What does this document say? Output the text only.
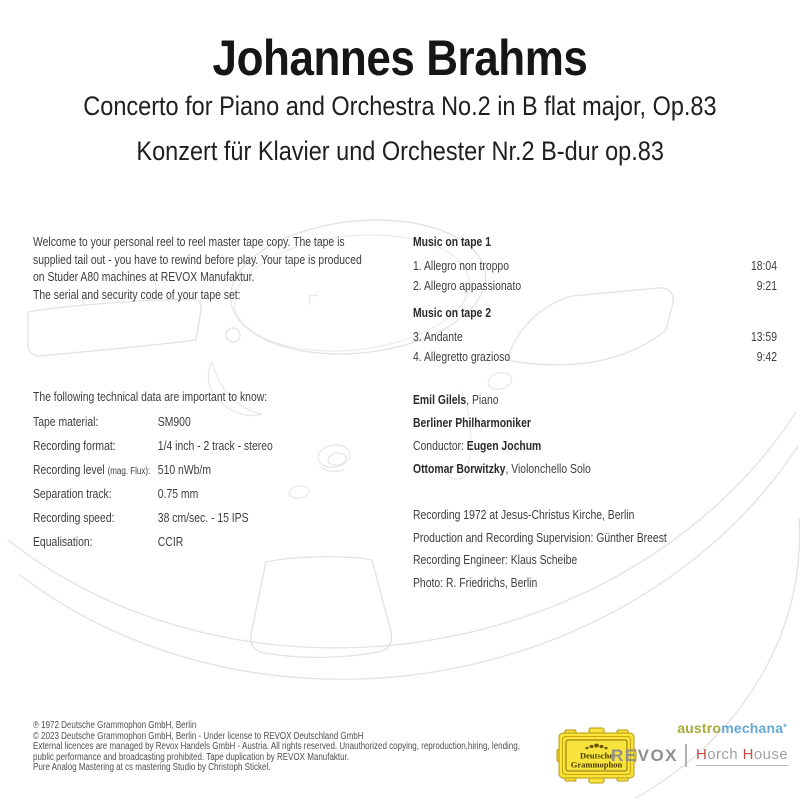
Johannes Brahms
Concerto for Piano and Orchestra No.2 in B flat major, Op.83
Konzert für Klavier und Orchester Nr.2 B-dur op.83
Welcome to your personal reel to reel master tape copy. The tape is
supplied tail out - you have to rewind before play. Your tape is produced
on Studer A80 machines at REVOX Manufaktur.
The serial and security code of your tape set:
Music on tape 1
1. Allegro non troppo	18:04
2. Allegro appassionato	9:21
Music on tape 2
3. Andante	13:59
4. Allegretto grazioso	9:42
The following technical data are important to know:
Tape material:	SM900
Recording format:	1/4 inch - 2 track - stereo
Recording level (mag. Flux): 510 nWb/m
Separation track:	0.75 mm
Recording speed:	38 cm/sec. - 15 IPS
Equalisation:	CCIR
Emil Gilels, Piano
Berliner Philharmoniker
Conductor: Eugen Jochum
Ottomar Borwitzky, Violonchello Solo
Recording 1972 at Jesus-Christus Kirche, Berlin
Production and Recording Supervision: Günther Breest
Recording Engineer: Klaus Scheibe
Photo: R. Friedrichs, Berlin
℗ 1972 Deutsche Grammophon GmbH, Berlin
© 2023 Deutsche Grammophon GmbH, Berlin - Under license to REVOX Deutschland GmbH
External licences are managed by Revox Handels GmbH - Austria. All rights reserved. Unauthorized copying, reproduction,hiring, lending,
public performance and broadcasting prohibited. Tape duplication by REVOX Manufaktur.
Pure Analog Mastering at cs mastering Studio by Christoph Stickel.
Deutsche
Grammophon
austromechana*
REVOX Horch House
